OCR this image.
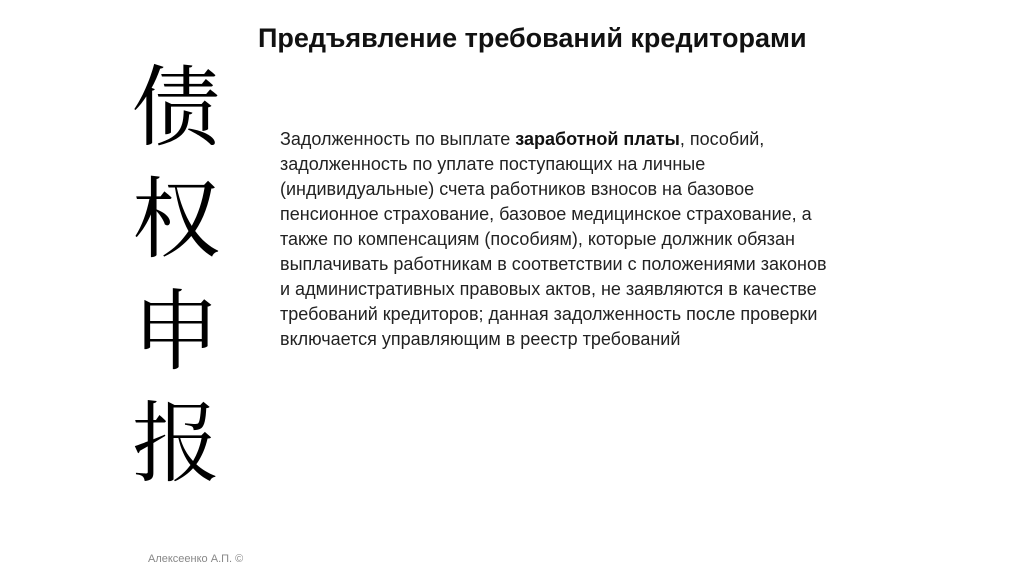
Предъявление требований кредиторами
债
权
申
报
Задолженность по выплате заработной платы, пособий, задолженность по уплате поступающих на личные (индивидуальные) счета работников взносов на базовое пенсионное страхование, базовое медицинское страхование, а также по компенсациям (пособиям), которые должник обязан выплачивать работникам в соответствии с положениями законов и административных правовых актов, не заявляются в качестве требований кредиторов; данная задолженность после проверки включается управляющим в реестр требований
Алексеенко А.П. ©
